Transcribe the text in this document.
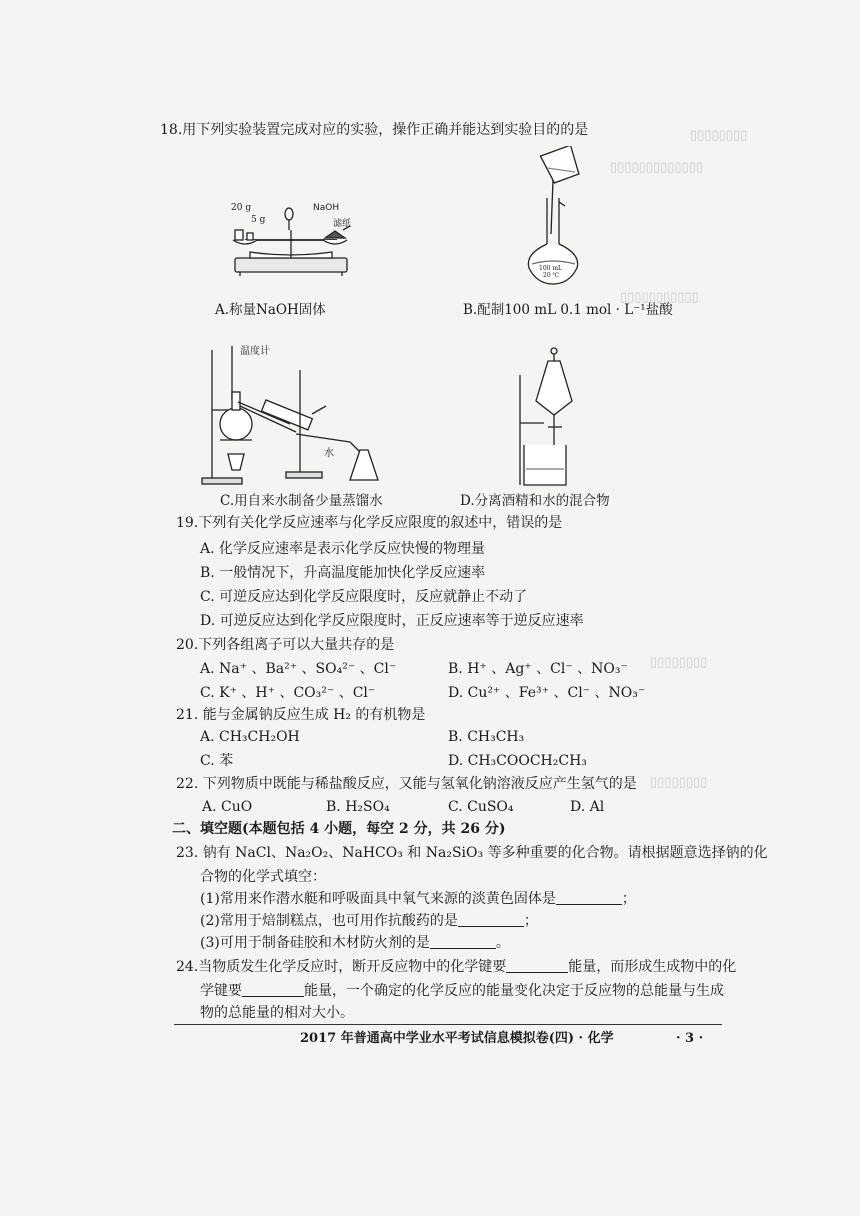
▯▯▯▯▯▯▯▯
▯▯▯▯▯▯▯▯▯▯▯▯▯
▯▯▯▯▯▯▯▯▯▯▯
▯▯▯▯▯▯▯▯
▯▯▯▯▯▯▯▯
18.用下列实验装置完成对应的实验，操作正确并能达到实验目的的是
20 g
5 g
NaOH
滤纸
A.称量NaOH固体
100 mL
20 ℃
B.配制100 mL 0.1 mol · L⁻¹盐酸
温度计
水
C.用自来水制备少量蒸馏水	D.分离酒精和水的混合物
19.下列有关化学反应速率与化学反应限度的叙述中，错误的是
A. 化学反应速率是表示化学反应快慢的物理量
B. 一般情况下，升高温度能加快化学反应速率
C. 可逆反应达到化学反应限度时，反应就静止不动了
D. 可逆反应达到化学反应限度时，正反应速率等于逆反应速率
20.下列各组离子可以大量共存的是
A. Na⁺ 、Ba²⁺ 、SO₄²⁻ 、Cl⁻	B. H⁺ 、Ag⁺ 、Cl⁻ 、NO₃⁻
C. K⁺ 、H⁺ 、CO₃²⁻ 、Cl⁻	D. Cu²⁺ 、Fe³⁺ 、Cl⁻ 、NO₃⁻
21. 能与金属钠反应生成 H₂ 的有机物是
A. CH₃CH₂OH	B. CH₃CH₃
C. 苯	D. CH₃COOCH₂CH₃
22. 下列物质中既能与稀盐酸反应，又能与氢氧化钠溶液反应产生氢气的是
A. CuO	B. H₂SO₄	C. CuSO₄	D. Al
二、填空题(本题包括 4 小题，每空 2 分，共 26 分)
23. 钠有 NaCl、Na₂O₂、NaHCO₃ 和 Na₂SiO₃ 等多种重要的化合物。请根据题意选择钠的化
合物的化学式填空：
(1)常用来作潜水艇和呼吸面具中氧气来源的淡黄色固体是	；
(2)常用于焙制糕点，也可用作抗酸药的是	；
(3)可用于制备硅胶和木材防火剂的是	。
24.当物质发生化学反应时，断开反应物中的化学键要	能量，而形成生成物中的化
学键要	能量，一个确定的化学反应的能量变化决定于反应物的总能量与生成
物的总能量的相对大小。
2017 年普通高中学业水平考试信息模拟卷(四) · 化学	· 3 ·
